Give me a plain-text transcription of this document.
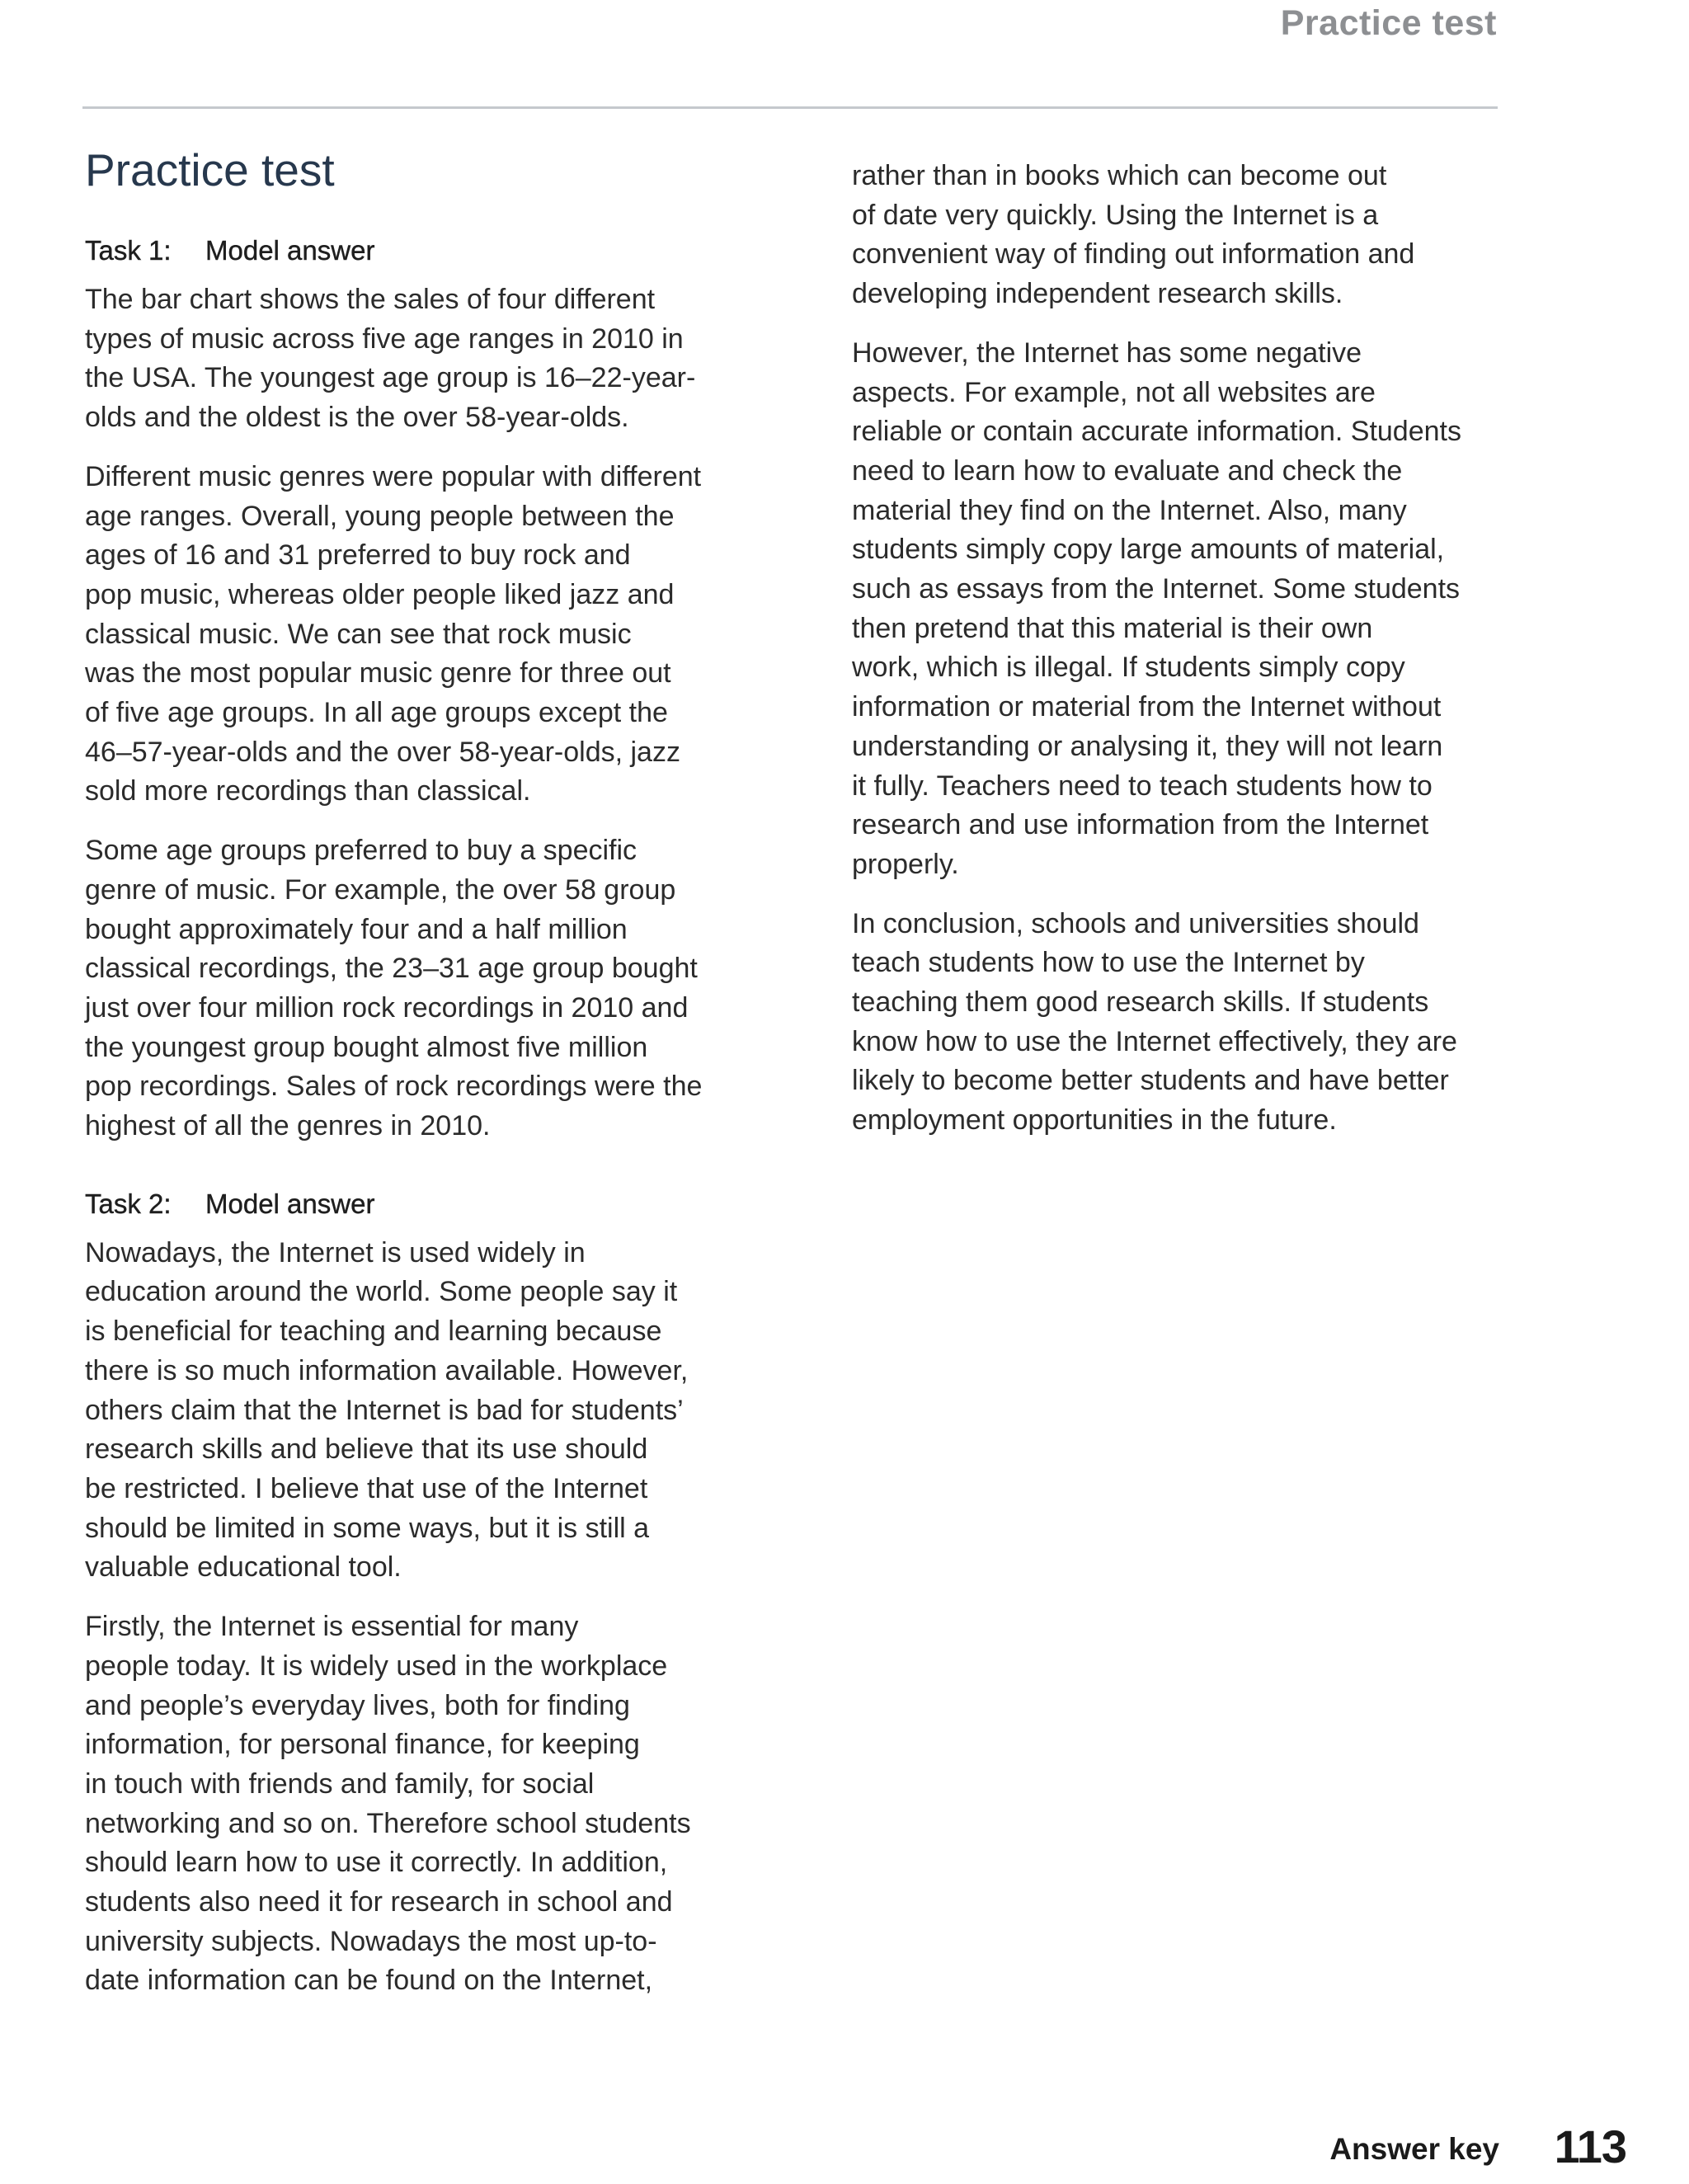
Practice test
Practice test
Task 1: Model answer

The bar chart shows the sales of four different
types of music across five age ranges in 2010 in
the USA. The youngest age group is 16–22-year-
olds and the oldest is the over 58-year-olds.

Different music genres were popular with different
age ranges. Overall, young people between the
ages of 16 and 31 preferred to buy rock and
pop music, whereas older people liked jazz and
classical music. We can see that rock music
was the most popular music genre for three out
of five age groups. In all age groups except the
46–57-year-olds and the over 58-year-olds, jazz
sold more recordings than classical.

Some age groups preferred to buy a specific
genre of music. For example, the over 58 group
bought approximately four and a half million
classical recordings, the 23–31 age group bought
just over four million rock recordings in 2010 and
the youngest group bought almost five million
pop recordings. Sales of rock recordings were the
highest of all the genres in 2010.

Task 2: Model answer

Nowadays, the Internet is used widely in
education around the world. Some people say it
is beneficial for teaching and learning because
there is so much information available. However,
others claim that the Internet is bad for students’
research skills and believe that its use should
be restricted. I believe that use of the Internet
should be limited in some ways, but it is still a
valuable educational tool.

Firstly, the Internet is essential for many
people today. It is widely used in the workplace
and people’s everyday lives, both for finding
information, for personal finance, for keeping
in touch with friends and family, for social
networking and so on. Therefore school students
should learn how to use it correctly. In addition,
students also need it for research in school and
university subjects. Nowadays the most up-to-
date information can be found on the Internet,

rather than in books which can become out
of date very quickly. Using the Internet is a
convenient way of finding out information and
developing independent research skills.

However, the Internet has some negative
aspects. For example, not all websites are
reliable or contain accurate information. Students
need to learn how to evaluate and check the
material they find on the Internet. Also, many
students simply copy large amounts of material,
such as essays from the Internet. Some students
then pretend that this material is their own
work, which is illegal. If students simply copy
information or material from the Internet without
understanding or analysing it, they will not learn
it fully. Teachers need to teach students how to
research and use information from the Internet
properly.

In conclusion, schools and universities should
teach students how to use the Internet by
teaching them good research skills. If students
know how to use the Internet effectively, they are
likely to become better students and have better
employment opportunities in the future.

Answer key 113
